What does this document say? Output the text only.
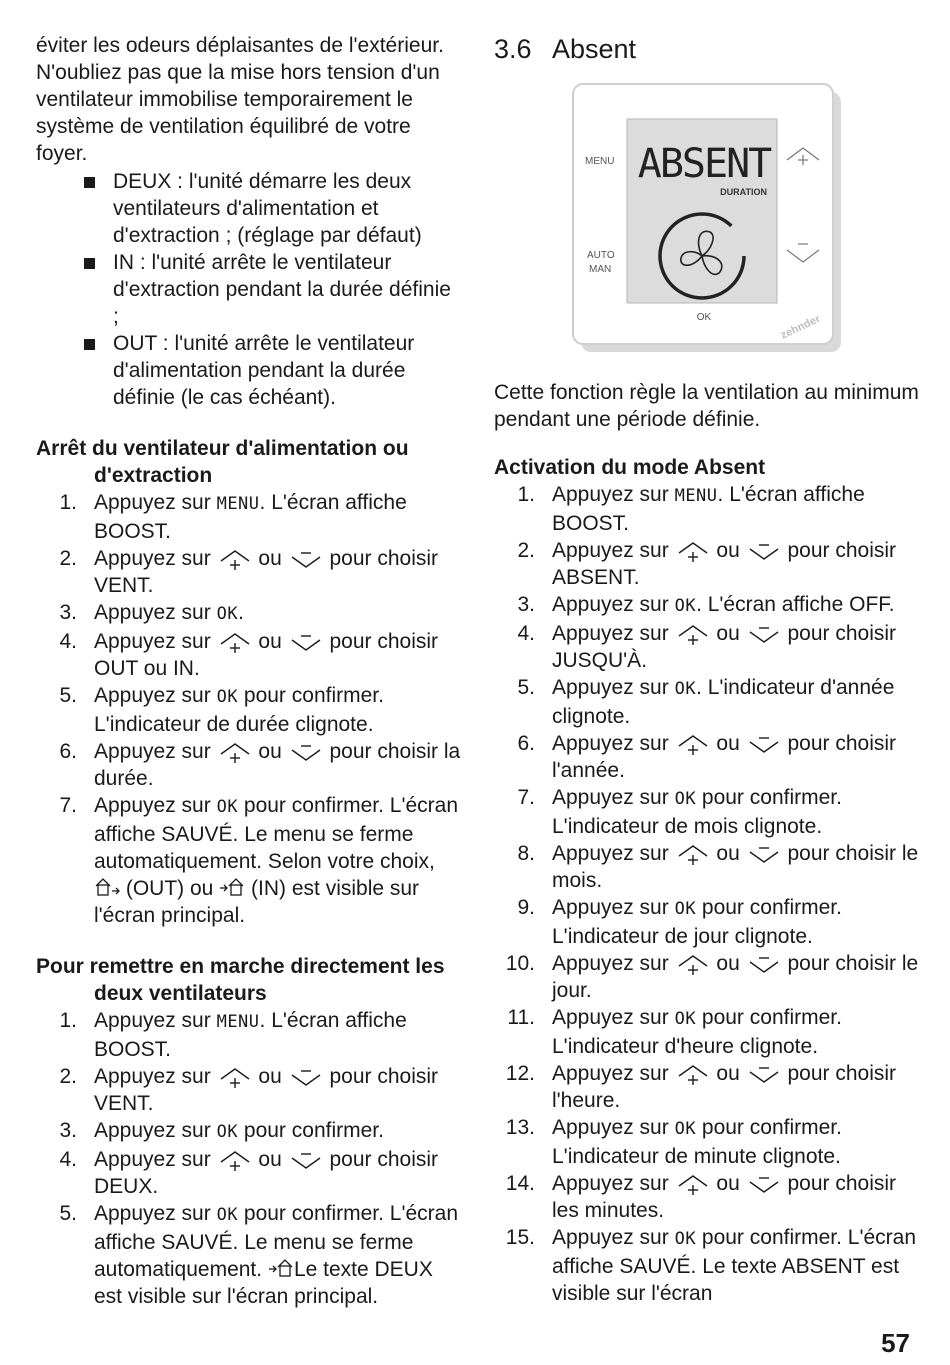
éviter les odeurs déplaisantes de l'extérieur. N'oubliez pas que la mise hors tension d'un ventilateur immobilise temporairement le système de ventilation équilibré de votre foyer.

DEUX : l'unité démarre les deux ventilateurs d'alimentation et d'extraction ; (réglage par défaut)
IN : l'unité arrête le ventilateur d'extraction pendant la durée définie ;
OUT : l'unité arrête le ventilateur d'alimentation pendant la durée définie (le cas échéant).
Arrêt du ventilateur d'alimentation ou d'extraction
1. Appuyez sur MENU. L'écran affiche BOOST.
2. Appuyez sur  ou  pour choisir VENT.
3. Appuyez sur OK.
4. Appuyez sur  ou  pour choisir OUT ou IN.
5. Appuyez sur OK pour confirmer. L'indicateur de durée clignote.
6. Appuyez sur  ou  pour choisir la durée.
7. Appuyez sur OK pour confirmer. L'écran affiche SAUVÉ. Le menu se ferme automatiquement. Selon votre choix,  (OUT) ou  (IN) est visible sur l'écran principal.
Pour remettre en marche directement les deux ventilateurs
1. Appuyez sur MENU. L'écran affiche BOOST.
2. Appuyez sur  ou  pour choisir VENT.
3. Appuyez sur OK pour confirmer.
4. Appuyez sur  ou  pour choisir DEUX.
5. Appuyez sur OK pour confirmer. L'écran affiche SAUVÉ. Le menu se ferme automatiquement. Le texte DEUX est visible sur l'écran principal.
3.6 Absent
ABSENT
DURATION
MENU
AUTO
MAN
OK	zehnder

Cette fonction règle la ventilation au minimum pendant une période définie.

Activation du mode Absent
1. Appuyez sur MENU. L'écran affiche BOOST.
2. Appuyez sur  ou  pour choisir ABSENT.
3. Appuyez sur OK. L'écran affiche OFF.
4. Appuyez sur  ou  pour choisir JUSQU'À.
5. Appuyez sur OK. L'indicateur d'année clignote.
6. Appuyez sur  ou  pour choisir l'année.
7. Appuyez sur OK pour confirmer. L'indicateur de mois clignote.
8. Appuyez sur  ou  pour choisir le mois.
9. Appuyez sur OK pour confirmer. L'indicateur de jour clignote.
10. Appuyez sur  ou  pour choisir le jour.
11. Appuyez sur OK pour confirmer. L'indicateur d'heure clignote.
12. Appuyez sur  ou  pour choisir l'heure.
13. Appuyez sur OK pour confirmer. L'indicateur de minute clignote.
14. Appuyez sur  ou  pour choisir les minutes.
15. Appuyez sur OK pour confirmer. L'écran affiche SAUVÉ. Le texte ABSENT est visible sur l'écran
57
